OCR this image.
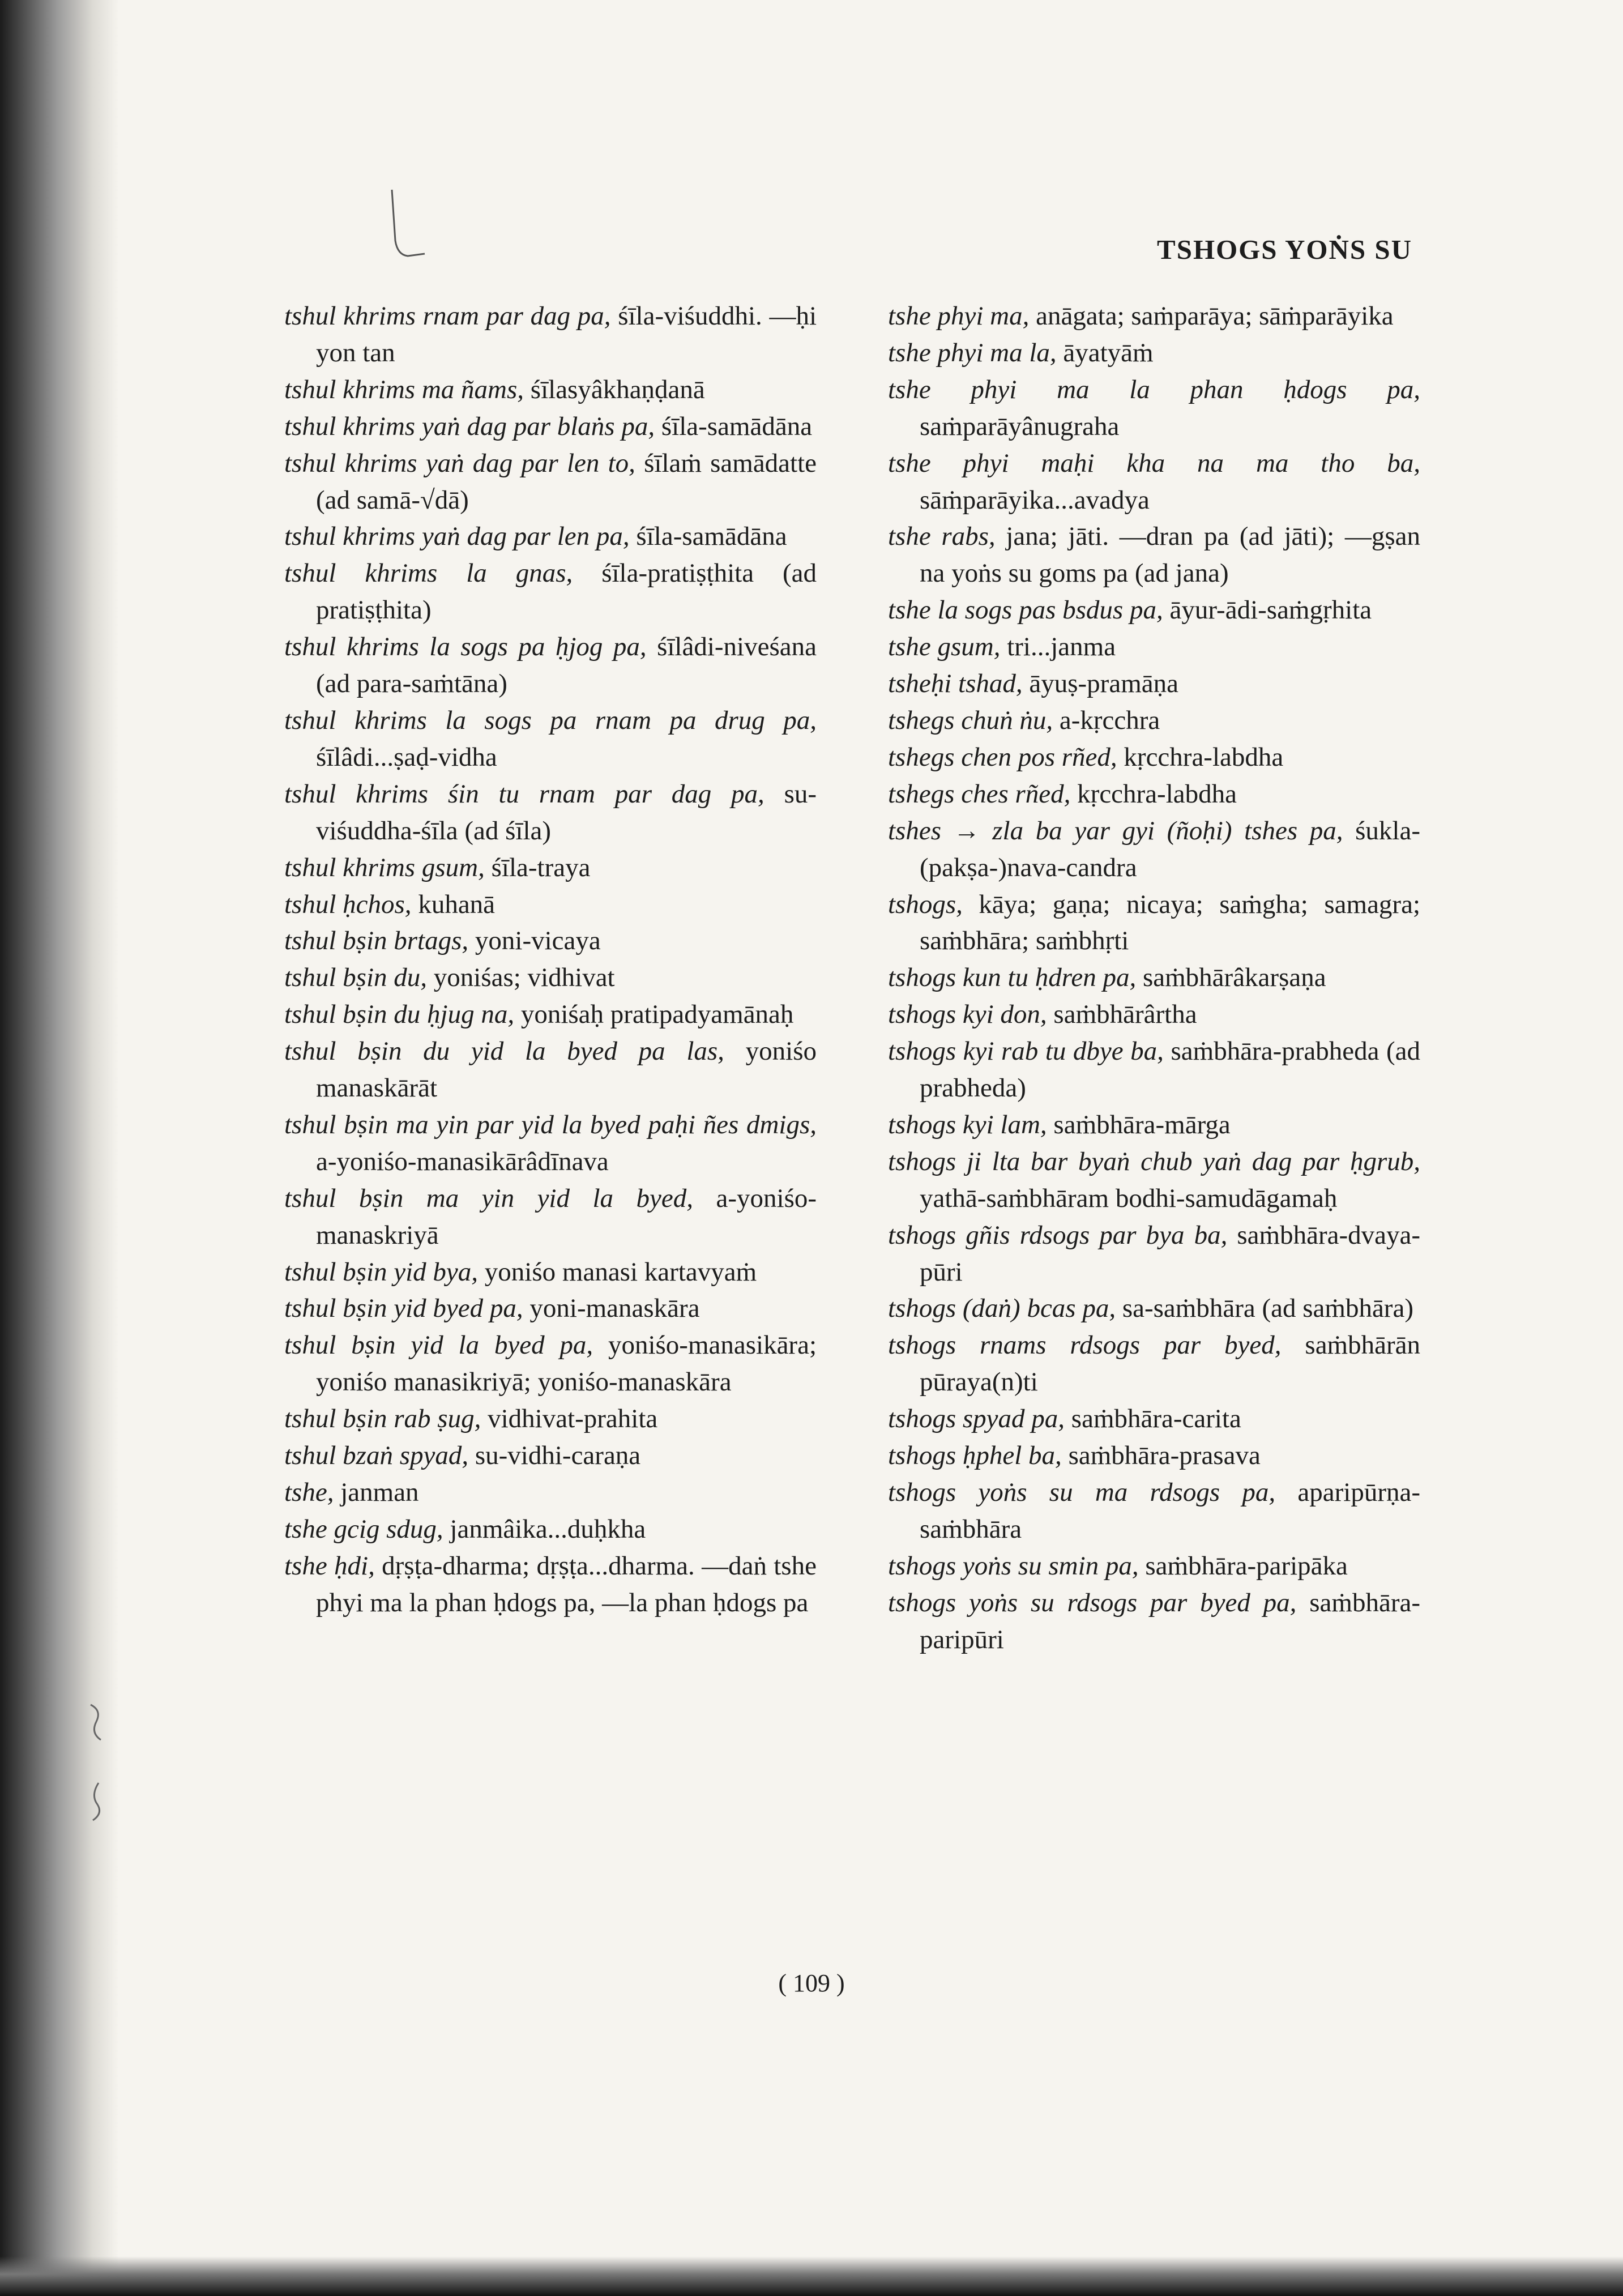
TSHOGS YOṄS SU

tshul khrims rnam par dag pa, śīla-viśuddhi. —ḥi yon tan

tshul khrims ma ñams, śīlasyâkhaṇḍanā

tshul khrims yaṅ dag par blaṅs pa, śīla-samādāna

tshul khrims yaṅ dag par len to, śīlaṁ samādatte (ad samā-√dā)

tshul khrims yaṅ dag par len pa, śīla-samādāna

tshul khrims la gnas, śīla-pratiṣṭhita (ad pratiṣṭhita)

tshul khrims la sogs pa ḥjog pa, śīlâdi-niveśana (ad para-saṁtāna)

tshul khrims la sogs pa rnam pa drug pa, śīlâdi...ṣaḍ-vidha

tshul khrims śin tu rnam par dag pa, su-viśuddha-śīla (ad śīla)

tshul khrims gsum, śīla-traya

tshul ḥchos, kuhanā

tshul bṣin brtags, yoni-vicaya

tshul bṣin du, yoniśas; vidhivat

tshul bṣin du ḥjug na, yoniśaḥ pratipadyamānaḥ

tshul bṣin du yid la byed pa las, yoniśo manaskārāt

tshul bṣin ma yin par yid la byed paḥi ñes dmigs, a-yoniśo-manasikārâdīnava

tshul bṣin ma yin yid la byed, a-yoniśo-manaskriyā

tshul bṣin yid bya, yoniśo manasi kartavyaṁ

tshul bṣin yid byed pa, yoni-manaskāra

tshul bṣin yid la byed pa, yoniśo-manasikāra; yoniśo manasikriyā; yoniśo-manaskāra

tshul bṣin rab ṣug, vidhivat-prahita

tshul bzaṅ spyad, su-vidhi-caraṇa

tshe, janman

tshe gcig sdug, janmâika...duḥkha

tshe ḥdi, dṛṣṭa-dharma; dṛṣṭa...dharma. —daṅ tshe phyi ma la phan ḥdogs pa, —la phan ḥdogs pa

tshe phyi ma, anāgata; saṁparāya; sāṁparāyika

tshe phyi ma la, āyatyāṁ

tshe phyi ma la phan ḥdogs pa, saṁparāyânugraha

tshe phyi maḥi kha na ma tho ba, sāṁparāyika...avadya

tshe rabs, jana; jāti. —dran pa (ad jāti); —gṣan na yoṅs su goms pa (ad jana)

tshe la sogs pas bsdus pa, āyur-ādi-saṁgṛhita

tshe gsum, tri...janma

tsheḥi tshad, āyuṣ-pramāṇa

tshegs chuṅ ṅu, a-kṛcchra

tshegs chen pos rñed, kṛcchra-labdha

tshegs ches rñed, kṛcchra-labdha

tshes → zla ba yar gyi (ñoḥi) tshes pa, śukla-(pakṣa-)nava-candra

tshogs, kāya; gaṇa; nicaya; saṁgha; samagra; saṁbhāra; saṁbhṛti

tshogs kun tu ḥdren pa, saṁbhārâkarṣaṇa

tshogs kyi don, saṁbhārârtha

tshogs kyi rab tu dbye ba, saṁbhāra-prabheda (ad prabheda)

tshogs kyi lam, saṁbhāra-mārga

tshogs ji lta bar byaṅ chub yaṅ dag par ḥgrub, yathā-saṁbhāram bodhi-samudāgamaḥ

tshogs gñis rdsogs par bya ba, saṁbhāra-dvaya-pūri

tshogs (daṅ) bcas pa, sa-saṁbhāra (ad saṁbhāra)

tshogs rnams rdsogs par byed, saṁbhārān pūraya(n)ti

tshogs spyad pa, saṁbhāra-carita

tshogs ḥphel ba, saṁbhāra-prasava

tshogs yoṅs su ma rdsogs pa, aparipūrṇa-saṁbhāra

tshogs yoṅs su smin pa, saṁbhāra-paripāka

tshogs yoṅs su rdsogs par byed pa, saṁbhāra-paripūri

( 109 )
